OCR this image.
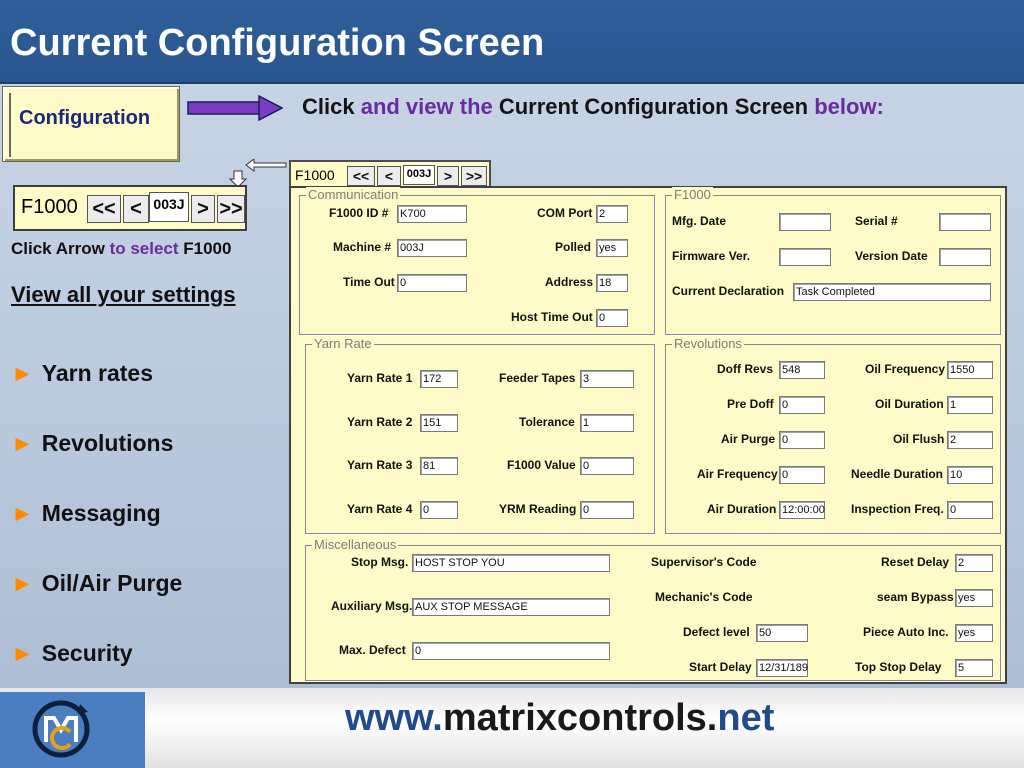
Current Configuration Screen
Configuration	Click and view the Current Configuration Screen below:
F1000	<<	<	003J > >>
F1000 << < 003J > >>
Click Arrow to select F1000
View all your settings
► Yarn rates
► Revolutions
► Messaging
► Oil/Air Purge
► Security
Communication
F1000 ID # K700
Machine # 003J
Time Out 0
COM Port 2
Polled yes
Address 18
Host Time Out 0
F1000
Mfg. Date	Serial #
Firmware Ver.	Version Date
Current Declaration Task Completed
Yarn Rate
Yarn Rate 1 172
Yarn Rate 2 151
Yarn Rate 3 81
Yarn Rate 4 0
Feeder Tapes 3
Tolerance 1
F1000 Value 0
YRM Reading 0
Revolutions
Doff Revs 548
Pre Doff 0
Air Purge 0
Air Frequency 0
Air Duration 12:00:00
Oil Frequency 1550
Oil Duration 1
Oil Flush 2
Needle Duration 10
Inspection Freq. 0
Miscellaneous
Stop Msg. HOST STOP YOU
Auxiliary Msg. AUX STOP MESSAGE
Max. Defect 0
Supervisor's Code
Mechanic's Code
Defect level 50
Start Delay 12/31/189
Reset Delay 2
seam Bypass yes
Piece Auto Inc. yes
Top Stop Delay 5
www.matrixcontrols.net
